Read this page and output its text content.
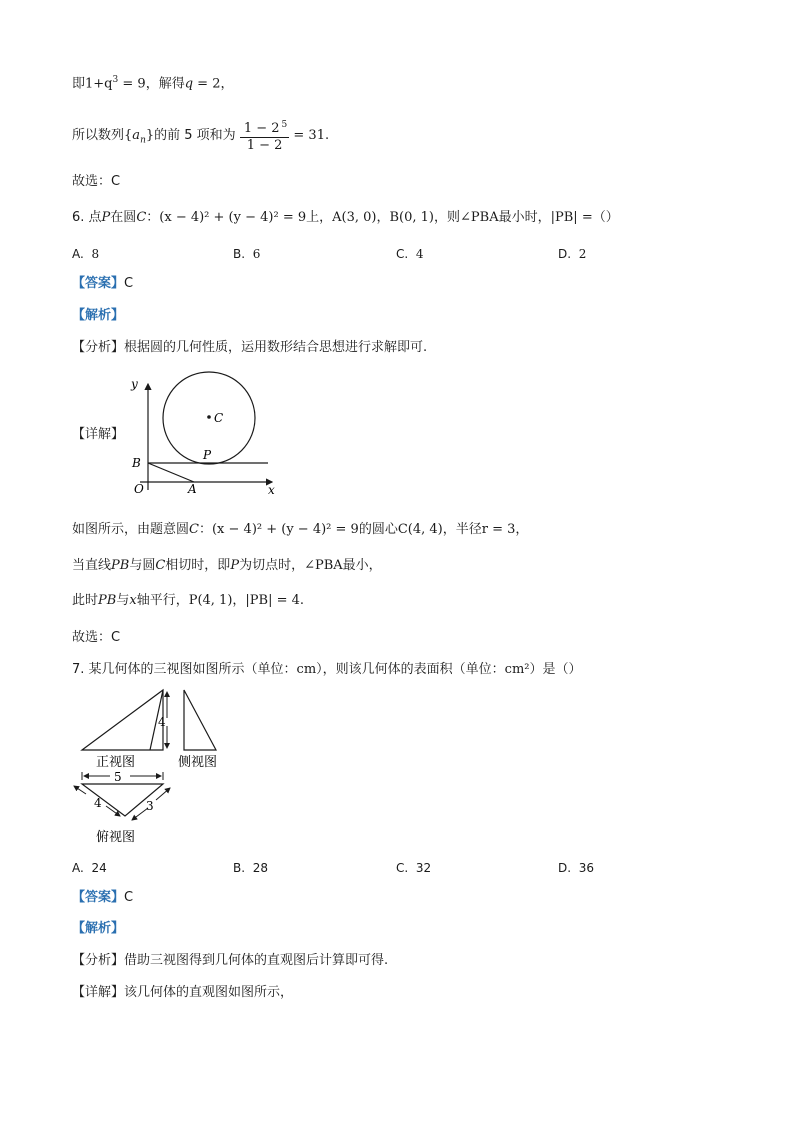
即$1+q^3 = 9$，解得q = 2，
所以数列$\{a_n\}$的前 5 项和为 $\frac{1 - 2 ^5}{1 - 2} = 31$.
故选：C
6. 点P在圆C：(x − 4)² + (y − 4)² = 9上，A(3, 0)，B(0, 1)，则∠PBA最小时，|PB| =（）
A. 8	B. 6	C. 4	D. 2
【答案】C
【解析】
【分析】根据圆的几何性质，运用数形结合思想进行求解即可.
【详解】
y
x
O	A
B
P
C
如图所示，由题意圆C：(x − 4)² + (y − 4)² = 9的圆心C(4, 4)，半径r = 3，
当直线PB与圆C相切时，即P为切点时，∠PBA最小，
此时PB与x轴平行，P(4, 1)，|PB| = 4.
故选：C
7. 某几何体的三视图如图所示（单位：cm），则该几何体的表面积（单位：cm²）是（）
4
正视图	侧视图
5
4	3
俯视图
A. 24	B. 28	C. 32	D. 36
【答案】C
【解析】
【分析】借助三视图得到几何体的直观图后计算即可得.
【详解】该几何体的直观图如图所示，
